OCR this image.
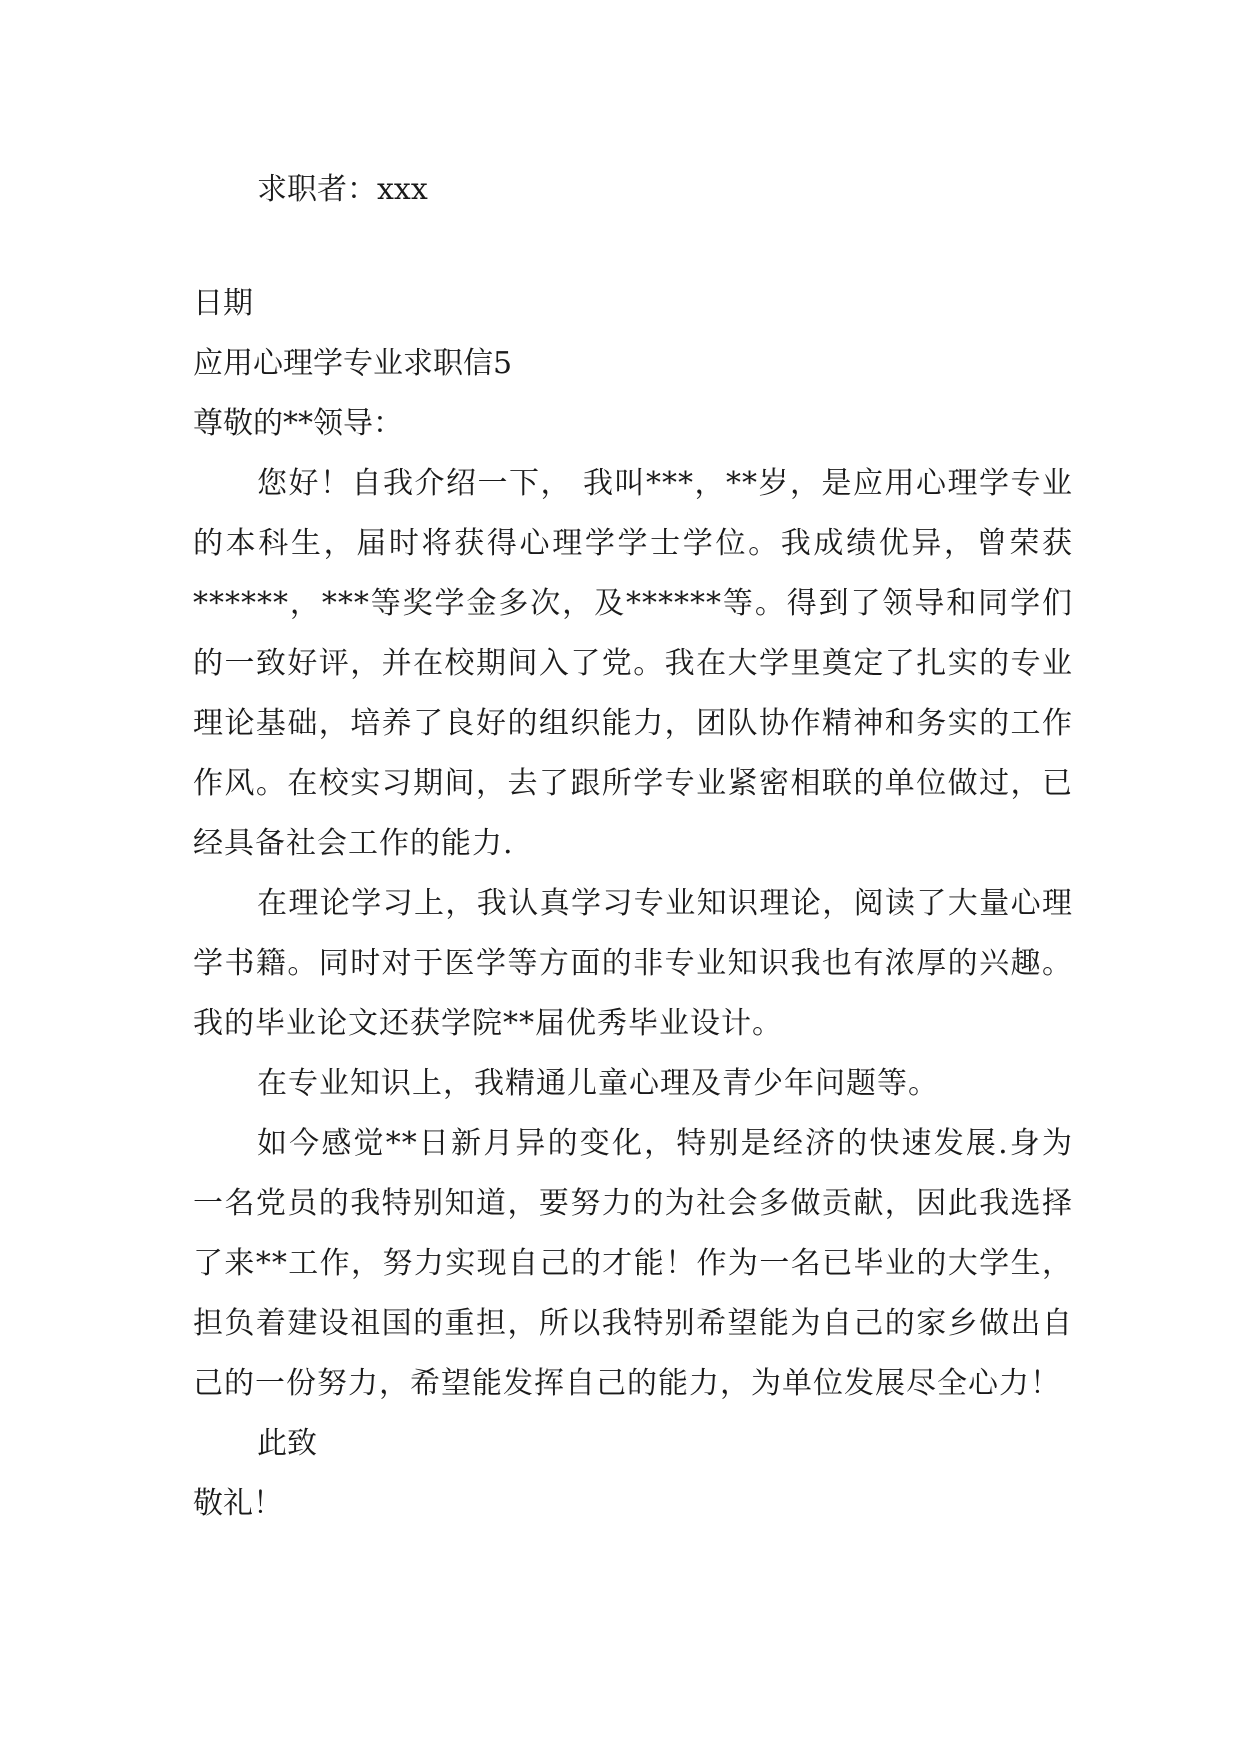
求职者：xxx
日期
应用心理学专业求职信5
尊敬的**领导：
您好！自我介绍一下， 我叫***，**岁，是应用心理学专业的本科生，届时将获得心理学学士学位。我成绩优异，曾荣获******，***等奖学金多次，及******等。得到了领导和同学们的一致好评，并在校期间入了党。我在大学里奠定了扎实的专业理论基础，培养了良好的组织能力，团队协作精神和务实的工作作风。在校实习期间，去了跟所学专业紧密相联的单位做过，已经具备社会工作的能力.
在理论学习上，我认真学习专业知识理论，阅读了大量心理学书籍。同时对于医学等方面的非专业知识我也有浓厚的兴趣。我的毕业论文还获学院**届优秀毕业设计。
在专业知识上，我精通儿童心理及青少年问题等。
如今感觉**日新月异的变化，特别是经济的快速发展.身为一名党员的我特别知道，要努力的为社会多做贡献，因此我选择了来**工作，努力实现自己的才能！作为一名已毕业的大学生，担负着建设祖国的重担，所以我特别希望能为自己的家乡做出自己的一份努力，希望能发挥自己的能力，为单位发展尽全心力！
此致
敬礼！
